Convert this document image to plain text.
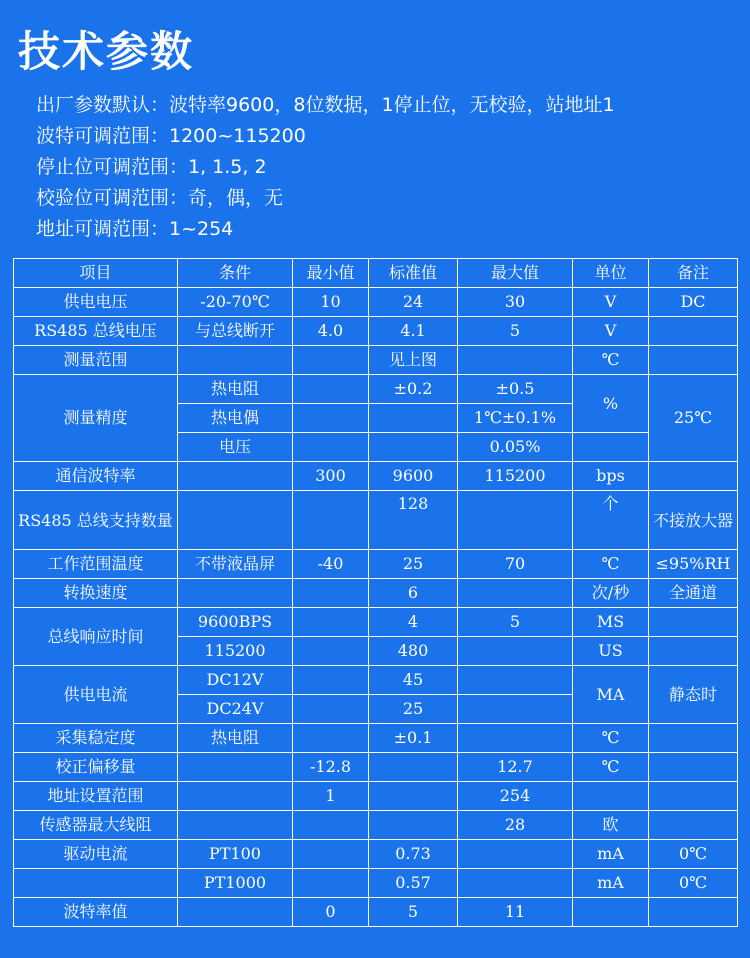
技术参数
出厂参数默认：波特率9600，8位数据，1停止位，无校验，站地址1
波特可调范围：1200~115200
停止位可调范围：1, 1.5, 2
校验位可调范围：奇，偶，无
地址可调范围：1~254
项目	条件	最小值	标准值	最大值	单位	备注
供电电压	-20-70℃	10	24	30	V	DC
RS485 总线电压	与总线断开	4.0	4.1	5	V	
测量范围			见上图		℃	
测量精度	热电阻		±0.2	±0.5	%	25℃
	热电偶			1℃±0.1%		
	电压			0.05%		
通信波特率		300	9600	115200	bps	
RS485 总线支持数量			128		个	不接放大器
工作范围温度	不带液晶屏	-40	25	70	℃	≤95%RH
转换速度			6		次/秒	全通道
总线响应时间	9600BPS		4	5	MS	
	115200		480		US	
供电电流	DC12V		45		MA	静态时
	DC24V		25			
采集稳定度	热电阻		±0.1		℃	
校正偏移量		-12.8		12.7	℃	
地址设置范围		1		254		
传感器最大线阻				28	欧	
驱动电流	PT100		0.73		mA	0℃
	PT1000		0.57		mA	0℃
波特率值		0	5	11		
